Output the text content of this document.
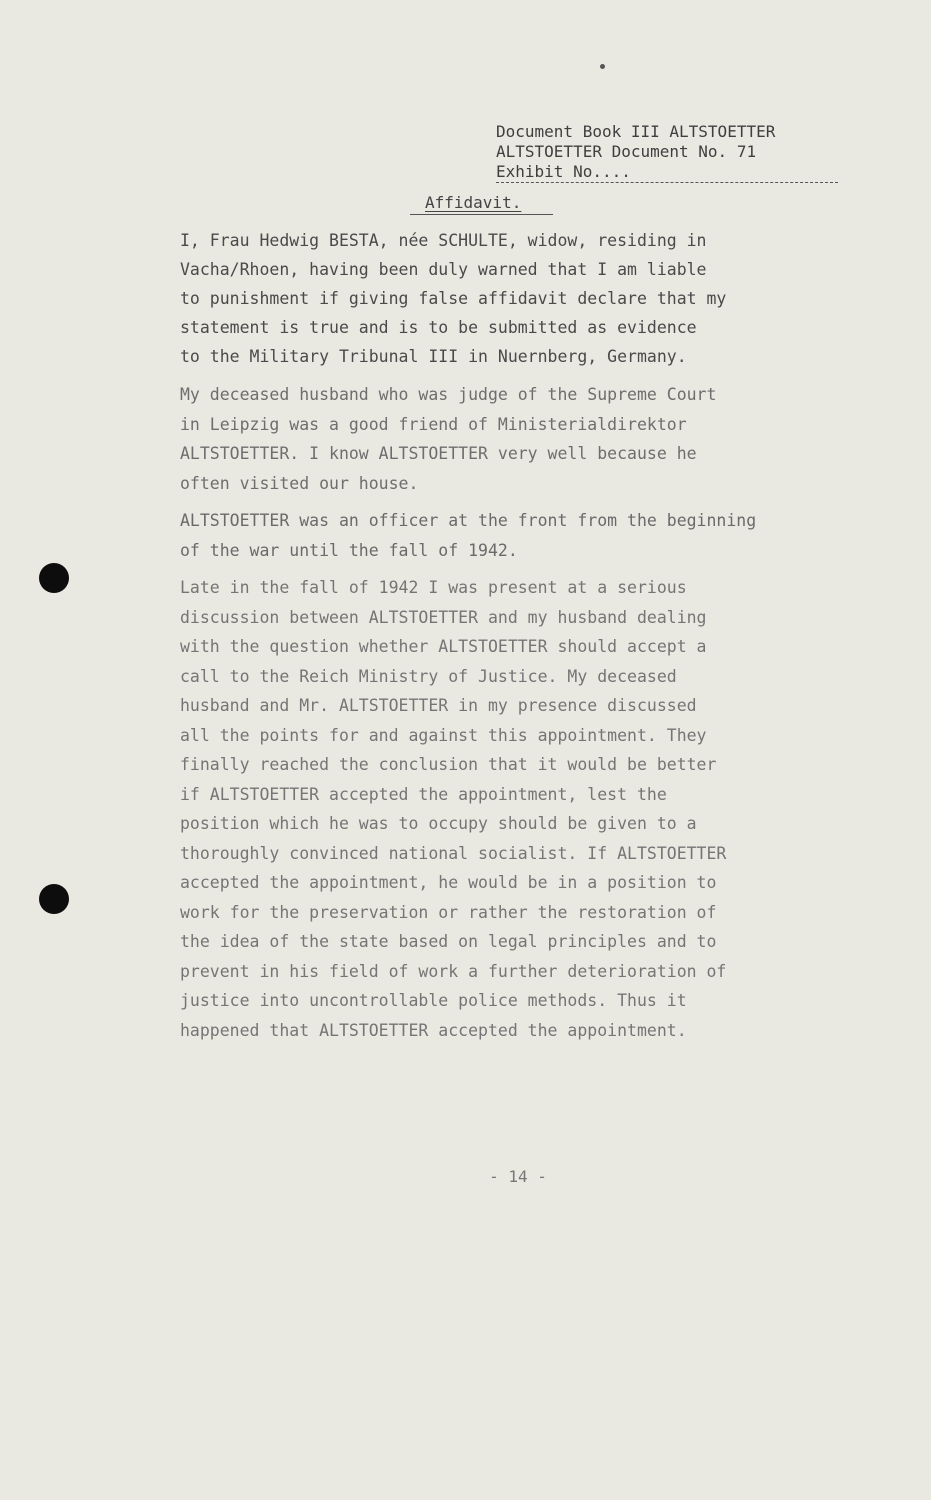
Document Book III ALTSTOETTER
ALTSTOETTER Document No. 71
Exhibit No....
Affidavit.
I, Frau Hedwig BESTA, née SCHULTE, widow, residing in
Vacha/Rhoen, having been duly warned that I am liable
to punishment if giving false affidavit declare that my
statement is true and is to be submitted as evidence
to the Military Tribunal III in Nuernberg, Germany.
My deceased husband who was judge of the Supreme Court
in Leipzig was a good friend of Ministerialdirektor
ALTSTOETTER. I know ALTSTOETTER very well because he
often visited our house.
ALTSTOETTER was an officer at the front from the beginning
of the war until the fall of 1942.
Late in the fall of 1942 I was present at a serious
discussion between ALTSTOETTER and my husband dealing
with the question whether ALTSTOETTER should accept a
call to the Reich Ministry of Justice. My deceased
husband and Mr. ALTSTOETTER in my presence discussed
all the points for and against this appointment. They
finally reached the conclusion that it would be better
if ALTSTOETTER accepted the appointment, lest the
position which he was to occupy should be given to a
thoroughly convinced national socialist. If ALTSTOETTER
accepted the appointment, he would be in a position to
work for the preservation or rather the restoration of
the idea of the state based on legal principles and to
prevent in his field of work a further deterioration of
justice into uncontrollable police methods. Thus it
happened that ALTSTOETTER accepted the appointment.
- 14 -
